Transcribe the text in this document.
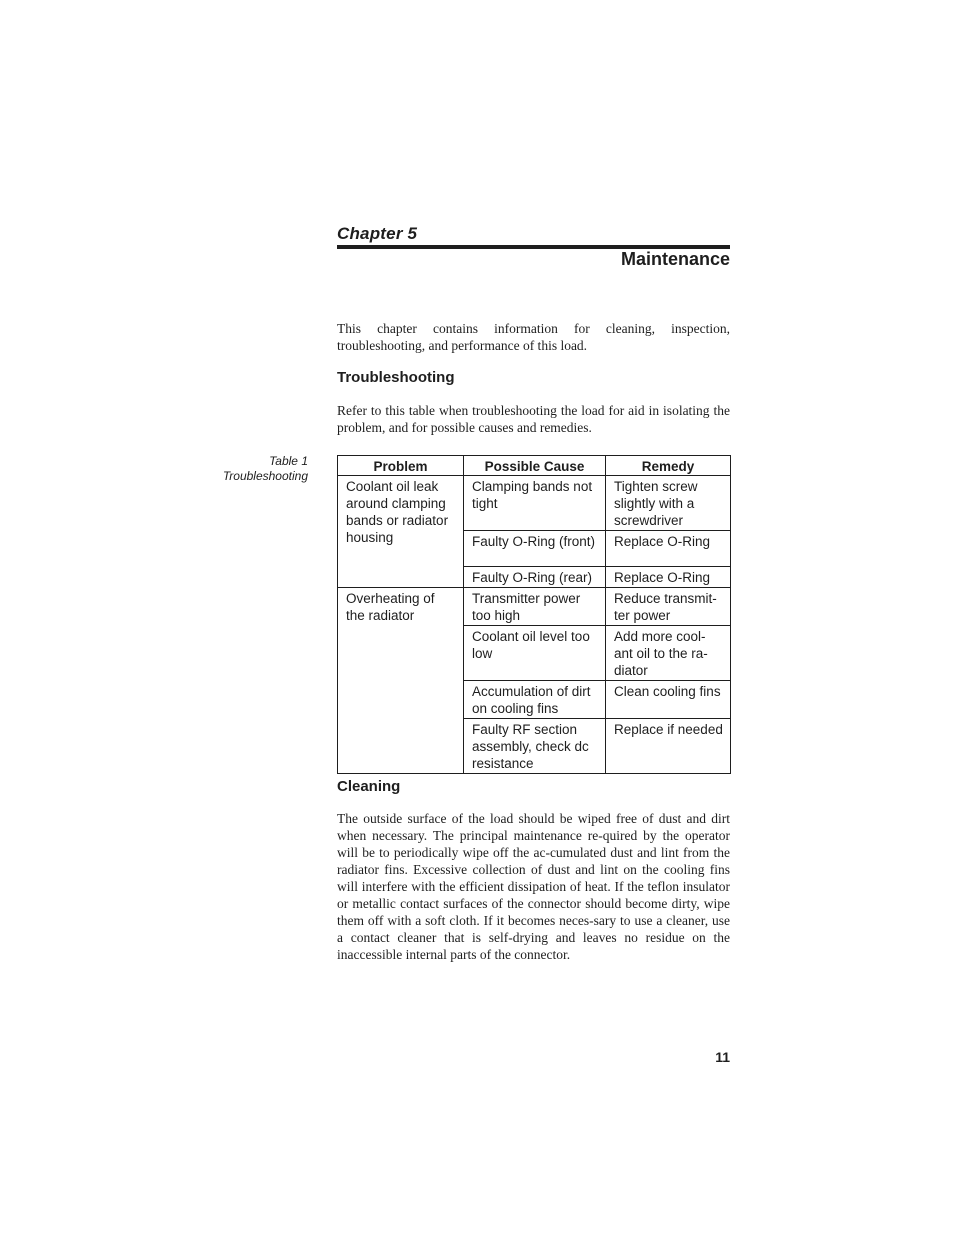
Chapter 5
Maintenance
This chapter contains information for cleaning, inspection, troubleshooting, and performance of this load.
Troubleshooting
Refer to this table when troubleshooting the load for aid in isolating the problem, and for possible causes and remedies.
Table 1
Troubleshooting
Problem	Possible Cause	Remedy
Coolant oil leak around clamping bands or radiator housing	Clamping bands not tight	Tighten screw slightly with a screwdriver
	Faulty O-Ring (front)	Replace O-Ring
	Faulty O-Ring (rear)	Replace O-Ring
Overheating of the radiator	Transmitter power too high	Reduce transmit-ter power
	Coolant oil level too low	Add more cool-ant oil to the ra-diator
	Accumulation of dirt on cooling fins	Clean cooling fins
	Faulty RF section assembly, check dc resistance	Replace if needed
Cleaning
The outside surface of the load should be wiped free of dust and dirt when necessary. The principal maintenance re-quired by the operator will be to periodically wipe off the ac-cumulated dust and lint from the radiator fins. Excessive collection of dust and lint on the cooling fins will interfere with the efficient dissipation of heat. If the teflon insulator or metallic contact surfaces of the connector should become dirty, wipe them off with a soft cloth. If it becomes neces-sary to use a cleaner, use a contact cleaner that is self-drying and leaves no residue on the inaccessible internal parts of the connector.
11
